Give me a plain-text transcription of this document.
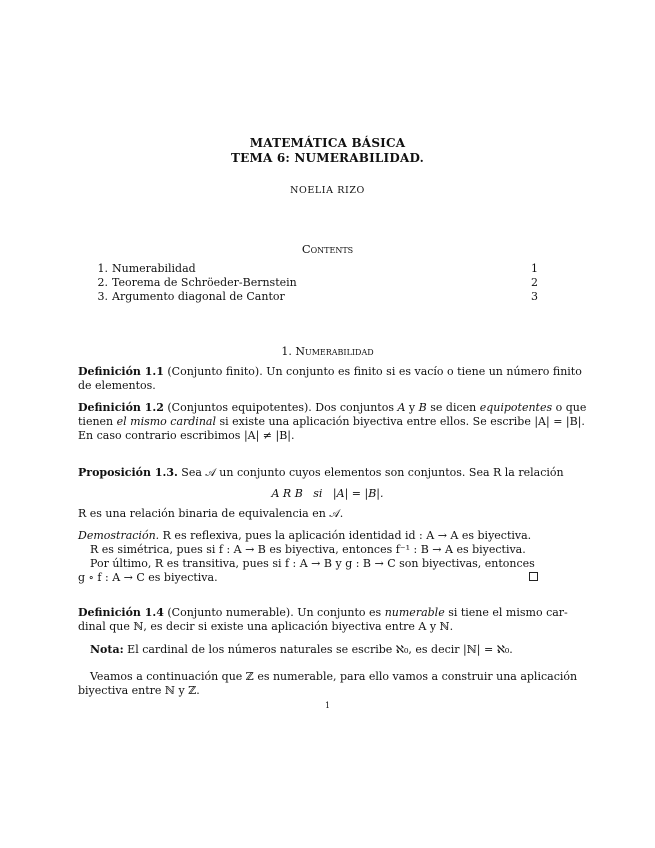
MATEMÁTICA BÁSICA
TEMA 6: NUMERABILIDAD.
NOELIA RIZO
Contents
1. Numerabilidad	1
2. Teorema de Schröeder-Bernstein	2
3. Argumento diagonal de Cantor	3
1. Numerabilidad
Definición 1.1 (Conjunto finito). Un conjunto es finito si es vacío o tiene un número finito
de elementos.
Definición 1.2 (Conjuntos equipotentes). Dos conjuntos A y B se dicen equipotentes o que
tienen el mismo cardinal si existe una aplicación biyectiva entre ellos. Se escribe |A| = |B|.
En caso contrario escribimos |A| ≠ |B|.
Proposición 1.3. Sea 𝒜 un conjunto cuyos elementos son conjuntos. Sea R la relación
A R B   si   |A| = |B|.
R es una relación binaria de equivalencia en 𝒜.
Demostración. R es reflexiva, pues la aplicación identidad id : A → A es biyectiva.
R es simétrica, pues si f : A → B es biyectiva, entonces f⁻¹ : B → A es biyectiva.
Por último, R es transitiva, pues si f : A → B y g : B → C son biyectivas, entonces
g ∘ f : A → C es biyectiva.
Definición 1.4 (Conjunto numerable). Un conjunto es numerable si tiene el mismo car-
dinal que ℕ, es decir si existe una aplicación biyectiva entre A y ℕ.
Nota: El cardinal de los números naturales se escribe ℵ₀, es decir |ℕ| = ℵ₀.
Veamos a continuación que ℤ es numerable, para ello vamos a construir una aplicación
biyectiva entre ℕ y ℤ.
1
